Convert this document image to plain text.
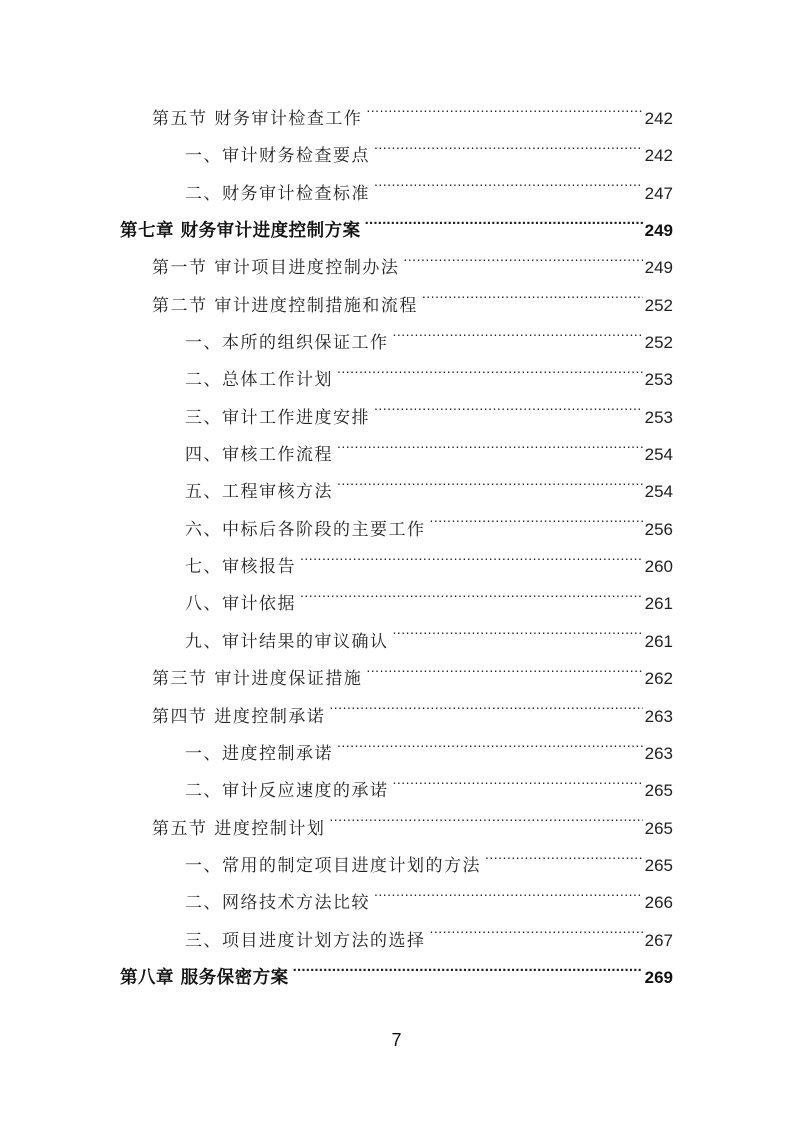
第五节 财务审计检查工作 .....	242
一、审计财务检查要点 .....	242
二、财务审计检查标准 .....	247
第七章 财务审计进度控制方案 .....	249
第一节 审计项目进度控制办法 .....	249
第二节 审计进度控制措施和流程 .....	252
一、本所的组织保证工作 .....	252
二、总体工作计划 .....	253
三、审计工作进度安排 .....	253
四、审核工作流程 .....	254
五、工程审核方法 .....	254
六、中标后各阶段的主要工作 .....	256
七、审核报告 .....	260
八、审计依据 .....	261
九、审计结果的审议确认 .....	261
第三节 审计进度保证措施 .....	262
第四节 进度控制承诺 .....	263
一、进度控制承诺 .....	263
二、审计反应速度的承诺 .....	265
第五节 进度控制计划 .....	265
一、常用的制定项目进度计划的方法 .....	265
二、网络技术方法比较 .....	266
三、项目进度计划方法的选择 .....	267
第八章 服务保密方案 .....	269
7
